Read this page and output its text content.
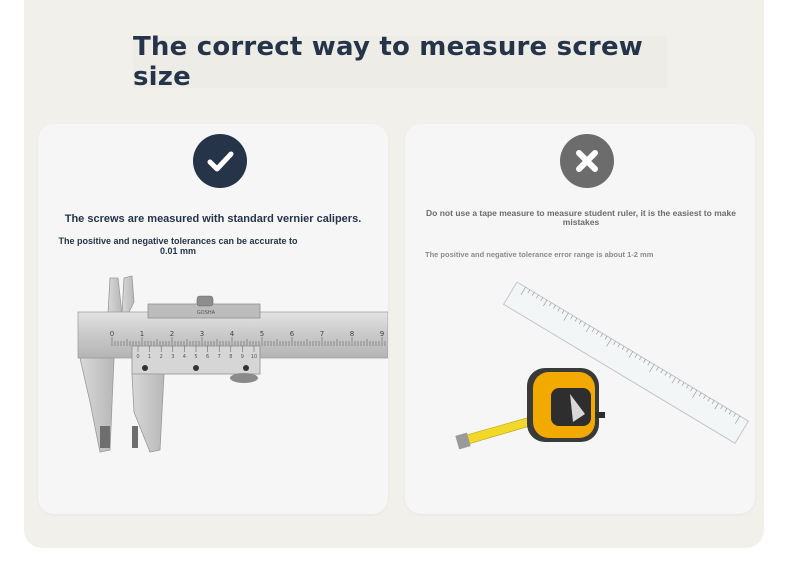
The correct way to measure screw size
The screws are measured with standard vernier calipers.
The positive and negative tolerances can be accurate to 0.01 mm
GOSHA
0	1	2	3	4	5	6	7	8	9
0 1 2 3 4 5 6 7 8 9 10
Do not use a tape measure to measure student ruler, it is the easiest to make mistakes
The positive and negative tolerance error range is about 1-2 mm
